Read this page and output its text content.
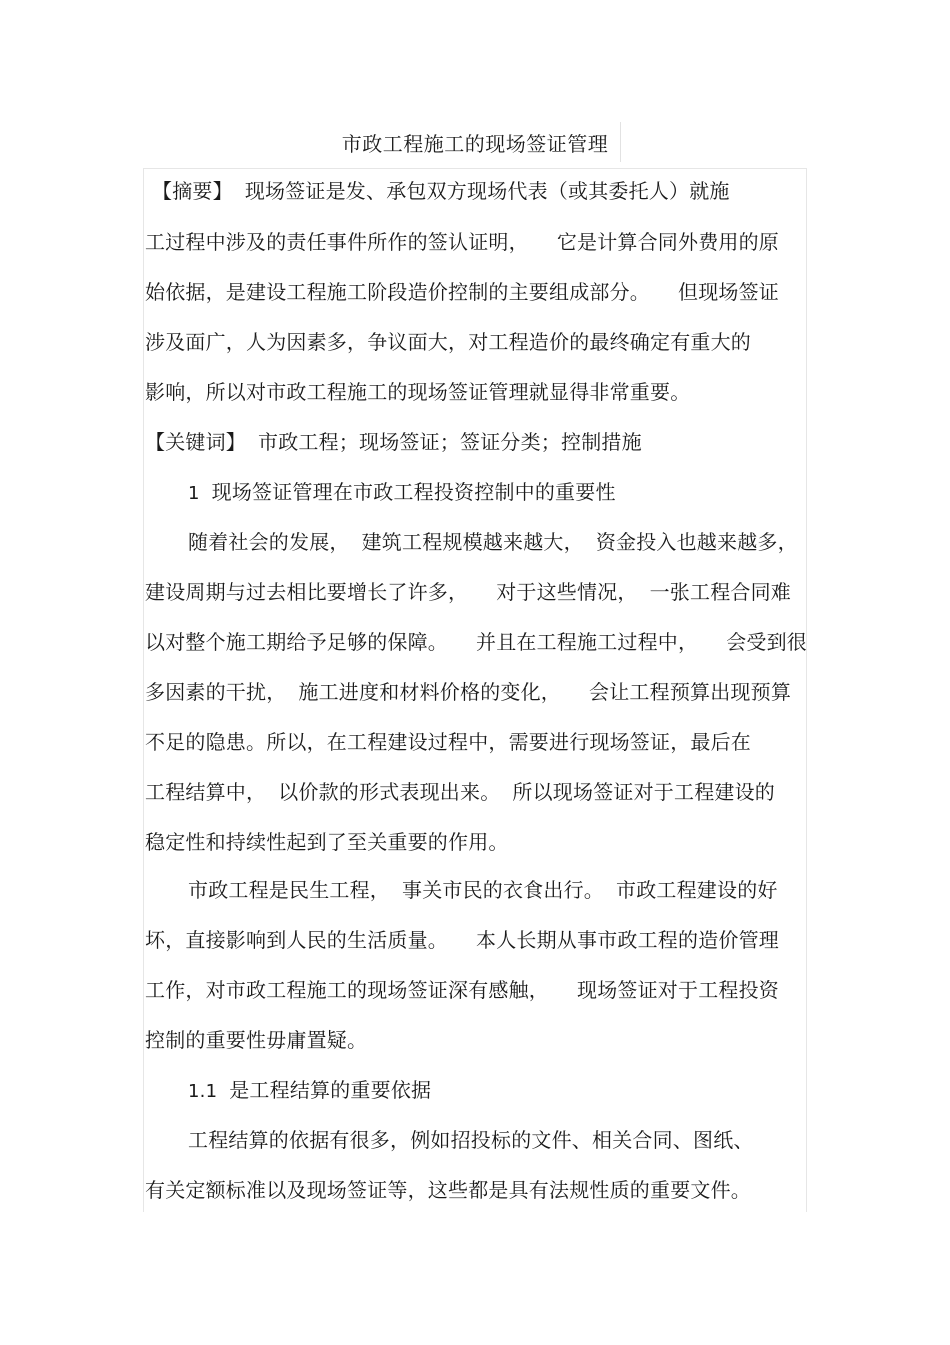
市政工程施工的现场签证管理
【摘要】 现场签证是发、承包双方现场代表（或其委托人）就施
工过程中涉及的责任事件所作的签认证明， 它是计算合同外费用的原
始依据，是建设工程施工阶段造价控制的主要组成部分。 但现场签证
涉及面广，人为因素多，争议面大，对工程造价的最终确定有重大的
影响，所以对市政工程施工的现场签证管理就显得非常重要。
【关键词】 市政工程；现场签证；签证分类；控制措施
1 现场签证管理在市政工程投资控制中的重要性
随着社会的发展， 建筑工程规模越来越大， 资金投入也越来越多，
建设周期与过去相比要增长了许多， 对于这些情况， 一张工程合同难
以对整个施工期给予足够的保障。 并且在工程施工过程中， 会受到很
多因素的干扰， 施工进度和材料价格的变化， 会让工程预算出现预算
不足的隐患。所以，在工程建设过程中，需要进行现场签证，最后在
工程结算中， 以价款的形式表现出来。 所以现场签证对于工程建设的
稳定性和持续性起到了至关重要的作用。
市政工程是民生工程， 事关市民的衣食出行。 市政工程建设的好
坏，直接影响到人民的生活质量。 本人长期从事市政工程的造价管理
工作，对市政工程施工的现场签证深有感触， 现场签证对于工程投资
控制的重要性毋庸置疑。
1.1 是工程结算的重要依据
工程结算的依据有很多，例如招投标的文件、相关合同、图纸、
有关定额标准以及现场签证等，这些都是具有法规性质的重要文件。
